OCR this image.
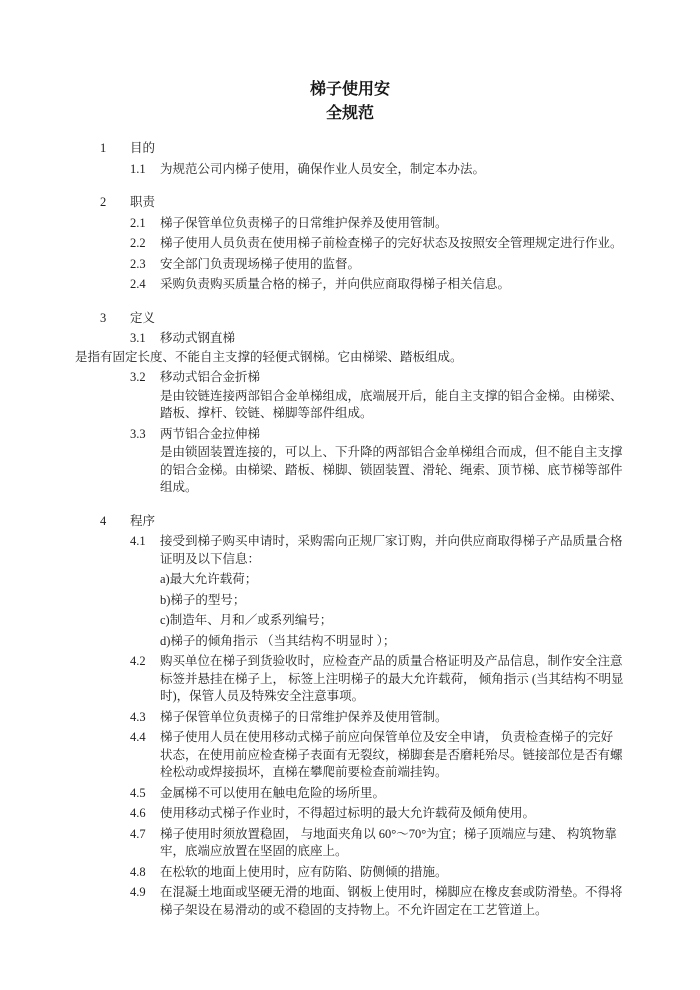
梯子使用安
全规范
1	目的
1.1	为规范公司内梯子使用，确保作业人员安全，制定本办法。
2	职责
2.1	梯子保管单位负责梯子的日常维护保养及使用管制。
2.2	梯子使用人员负责在使用梯子前检查梯子的完好状态及按照安全管理规定进行作业。
2.3	安全部门负责现场梯子使用的监督。
2.4	采购负责购买质量合格的梯子，并向供应商取得梯子相关信息。
3	定义
3.1	移动式钢直梯
是指有固定长度、不能自主支撑的轻便式钢梯。它由梯梁、踏板组成。
3.2	移动式铝合金折梯
是由铰链连接两部铝合金单梯组成，底端展开后，能自主支撑的铝合金梯。由梯梁、踏板、撑杆、铰链、梯脚等部件组成。
3.3	两节铝合金拉伸梯
是由锁固装置连接的，可以上、下升降的两部铝合金单梯组合而成，但不能自主支撑的铝合金梯。由梯梁、踏板、梯脚、锁固装置、滑轮、绳索、顶节梯、底节梯等部件组成。
4	程序
4.1	接受到梯子购买申请时，采购需向正规厂家订购，并向供应商取得梯子产品质量合格证明及以下信息：
a)最大允许载荷；
b)梯子的型号；
c)制造年、月和／或系列编号；
d)梯子的倾角指示 （当其结构不明显时 ）；
4.2	购买单位在梯子到货验收时，应检查产品的质量合格证明及产品信息，制作安全注意标签并悬挂在梯子上， 标签上注明梯子的最大允许载荷， 倾角指示 (当其结构不明显时)，保管人员及特殊安全注意事项。
4.3	梯子保管单位负责梯子的日常维护保养及使用管制。
4.4	梯子使用人员在使用移动式梯子前应向保管单位及安全申请， 负责检查梯子的完好状态，在使用前应检查梯子表面有无裂纹，梯脚套是否磨耗殆尽。链接部位是否有螺栓松动或焊接损坏，直梯在攀爬前要检查前端挂钩。
4.5	金属梯不可以使用在触电危险的场所里。
4.6	使用移动式梯子作业时，不得超过标明的最大允许载荷及倾角使用。
4.7	梯子使用时须放置稳固， 与地面夹角以 60°～70°为宜；梯子顶端应与建、 构筑物靠牢，底端应放置在坚固的底座上。
4.8	在松软的地面上使用时，应有防陷、防侧倾的措施。
4.9	在混凝土地面或坚硬无滑的地面、钢板上使用时，梯脚应在橡皮套或防滑垫。不得将梯子架设在易滑动的或不稳固的支持物上。不允许固定在工艺管道上。
